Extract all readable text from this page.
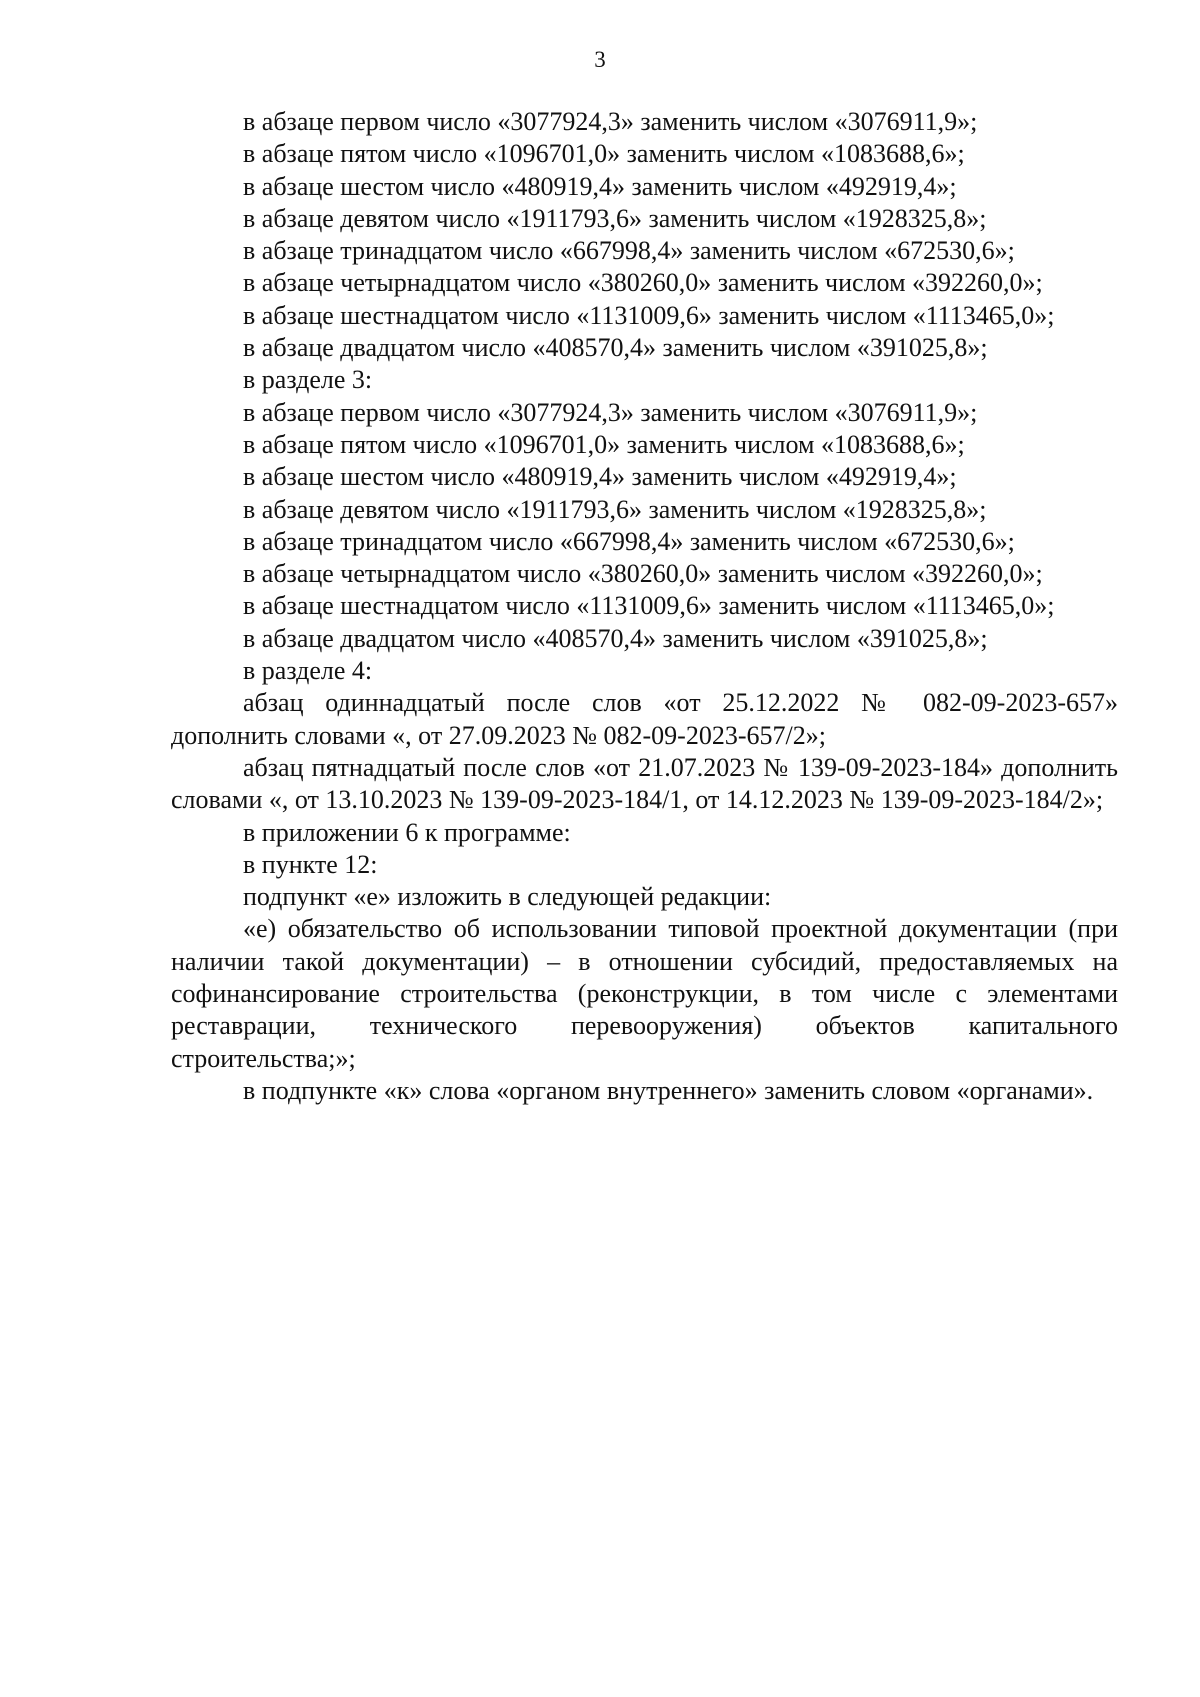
3

в абзаце первом число «3077924,3» заменить числом «3076911,9»;

в абзаце пятом число «1096701,0» заменить числом «1083688,6»;

в абзаце шестом число «480919,4» заменить числом «492919,4»;

в абзаце девятом число «1911793,6» заменить числом «1928325,8»;

в абзаце тринадцатом число «667998,4» заменить числом «672530,6»;

в абзаце четырнадцатом число «380260,0» заменить числом «392260,0»;

в абзаце шестнадцатом число «1131009,6» заменить числом «1113465,0»;

в абзаце двадцатом число «408570,4» заменить числом «391025,8»;

в разделе 3:

в абзаце первом число «3077924,3» заменить числом «3076911,9»;

в абзаце пятом число «1096701,0» заменить числом «1083688,6»;

в абзаце шестом число «480919,4» заменить числом «492919,4»;

в абзаце девятом число «1911793,6» заменить числом «1928325,8»;

в абзаце тринадцатом число «667998,4» заменить числом «672530,6»;

в абзаце четырнадцатом число «380260,0» заменить числом «392260,0»;

в абзаце шестнадцатом число «1131009,6» заменить числом «1113465,0»;

в абзаце двадцатом число «408570,4» заменить числом «391025,8»;

в разделе 4:

абзац одиннадцатый после слов «от 25.12.2022 № 082-09-2023-657» дополнить словами «, от 27.09.2023 № 082-09-2023-657/2»;

абзац пятнадцатый после слов «от 21.07.2023 № 139-09-2023-184» дополнить словами «, от 13.10.2023 № 139-09-2023-184/1, от 14.12.2023 № 139-09-2023-184/2»;

в приложении 6 к программе:

в пункте 12:

подпункт «е» изложить в следующей редакции:

«е) обязательство об использовании типовой проектной документации (при наличии такой документации) – в отношении субсидий, предоставляемых на софинансирование строительства (реконструкции, в том числе с элементами реставрации, технического перевооружения) объектов капитального строительства;»;

в подпункте «к» слова «органом внутреннего» заменить словом «органами».
